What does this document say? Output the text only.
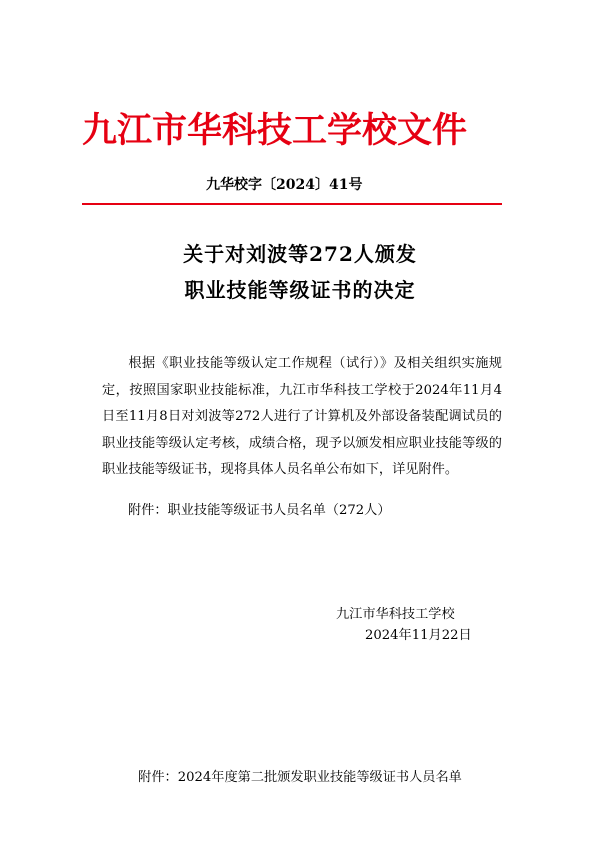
九江市华科技工学校文件
九华校字〔2024〕41号
关于对刘波等272人颁发
职业技能等级证书的决定

根据《职业技能等级认定工作规程（试行）》及相关组织实施规定，按照国家职业技能标准，九江市华科技工学校于2024年11月4日至11月8日对刘波等272人进行了计算机及外部设备装配调试员的职业技能等级认定考核，成绩合格，现予以颁发相应职业技能等级的职业技能等级证书，现将具体人员名单公布如下，详见附件。

附件：职业技能等级证书人员名单（272人）
九江市华科技工学校
2024年11月22日
附件：2024年度第二批颁发职业技能等级证书人员名单
